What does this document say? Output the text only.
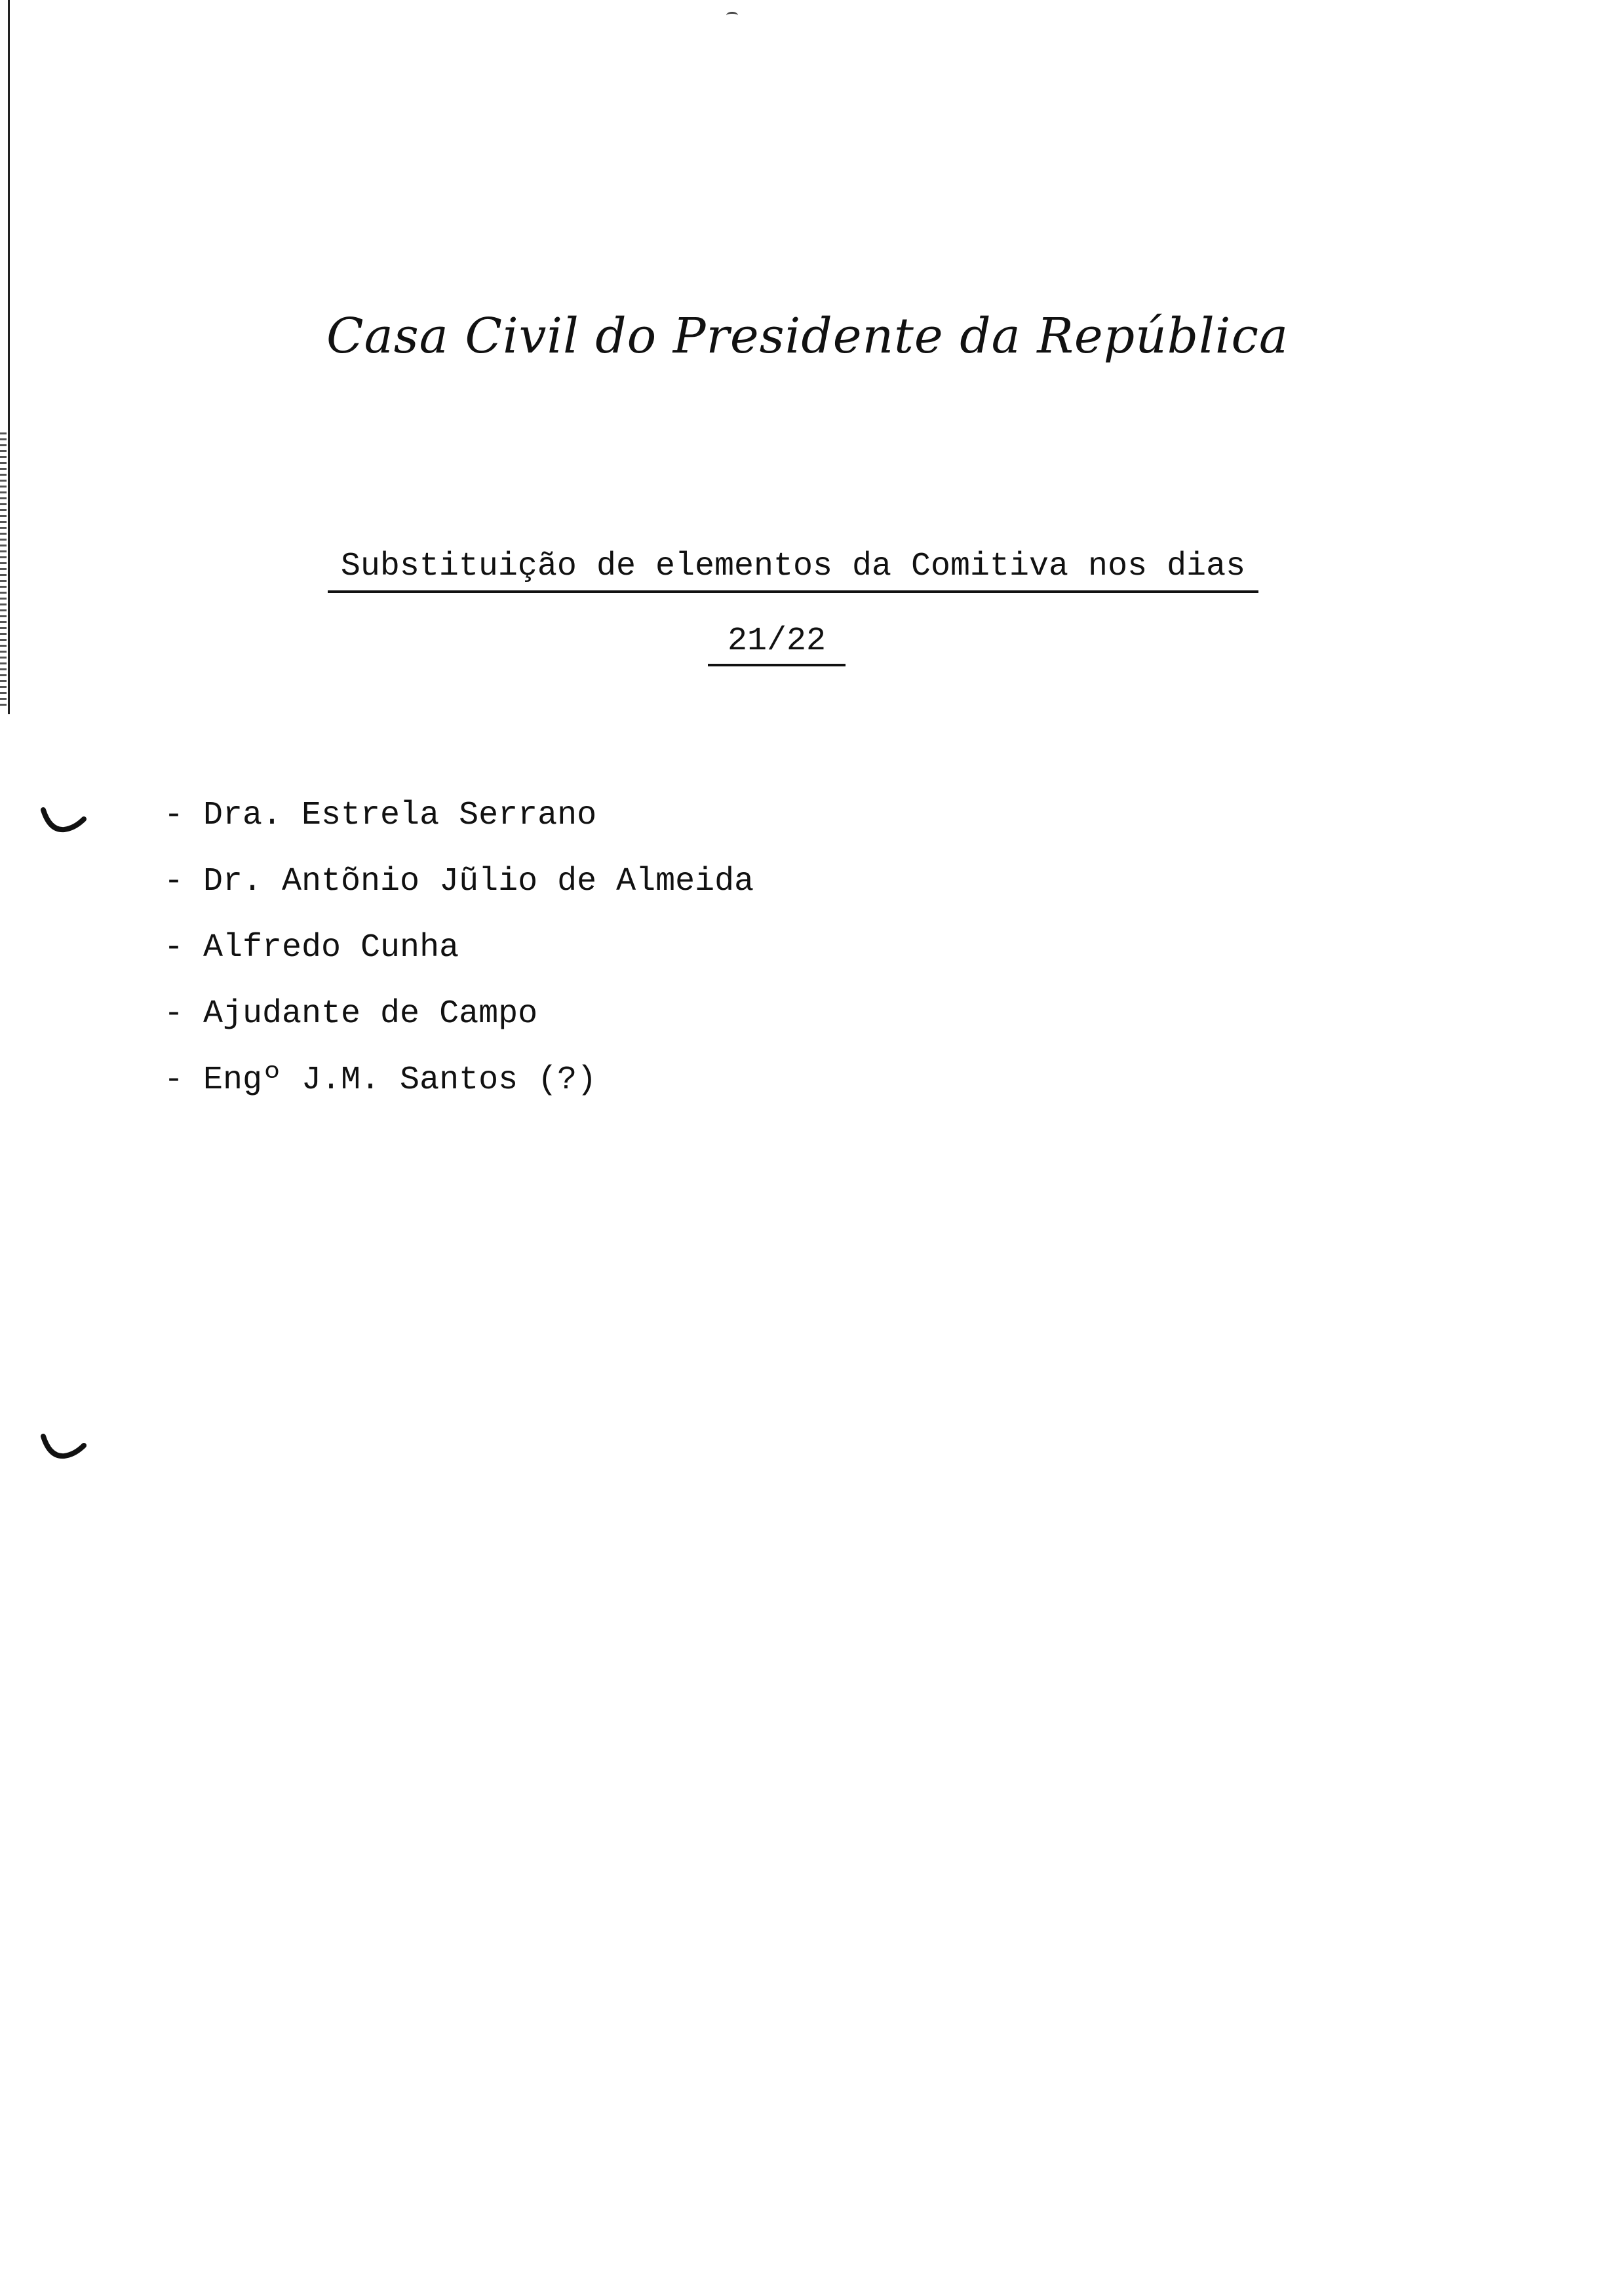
Casa Civil do Presidente da República
Substituição de elementos da Comitiva nos dias
21/22
- Dra. Estrela Serrano
- Dr. Antõnio Jũlio de Almeida
- Alfredo Cunha
- Ajudante de Campo
- Engº J.M. Santos (?)
